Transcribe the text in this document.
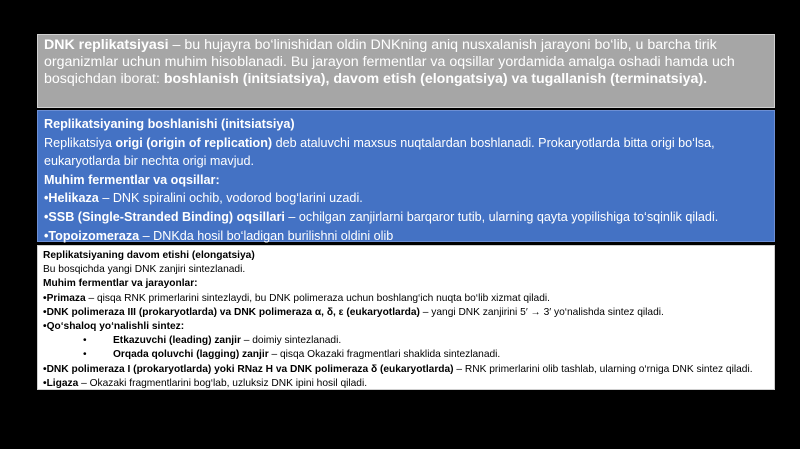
DNK replikatsiyasi – bu hujayra bo‘linishidan oldin DNKning aniq nusxalanish jarayoni bo‘lib, u barcha tirik organizmlar uchun muhim hisoblanadi. Bu jarayon fermentlar va oqsillar yordamida amalga oshadi hamda uch bosqichdan iborat: boshlanish (initsiatsiya), davom etish (elongatsiya) va tugallanish (terminatsiya).
Replikatsiyaning boshlanishi (initsiatsiya)
Replikatsiya origi (origin of replication) deb ataluvchi maxsus nuqtalardan boshlanadi. Prokaryotlarda bitta origi bo‘lsa,
eukaryotlarda bir nechta origi mavjud.
Muhim fermentlar va oqsillar:
•Helikaza – DNK spiralini ochib, vodorod bog‘larini uzadi.
•SSB (Single-Stranded Binding) oqsillari – ochilgan zanjirlarni barqaror tutib, ularning qayta yopilishiga to‘sqinlik qiladi.
•Topoizomeraza – DNKda hosil bo‘ladigan burilishni oldini olib
Replikatsiyaning davom etishi (elongatsiya)
Bu bosqichda yangi DNK zanjiri sintezlanadi.
Muhim fermentlar va jarayonlar:
•Primaza – qisqa RNK primerlarini sintezlaydi, bu DNK polimeraza uchun boshlang‘ich nuqta bo‘lib xizmat qiladi.
•DNK polimeraza III (prokaryotlarda) va DNK polimeraza α, δ, ε (eukaryotlarda) – yangi DNK zanjirini 5′ → 3′ yo‘nalishda sintez qiladi.
•Qo‘shaloq yo‘nalishli sintez:
•	Etkazuvchi (leading) zanjir – doimiy sintezlanadi.
•	Orqada qoluvchi (lagging) zanjir – qisqa Okazaki fragmentlari shaklida sintezlanadi.
•DNK polimeraza I (prokaryotlarda) yoki RNaz H va DNK polimeraza δ (eukaryotlarda) – RNK primerlarini olib tashlab, ularning o‘rniga DNK sintez qiladi.
•Ligaza – Okazaki fragmentlarini bog‘lab, uzluksiz DNK ipini hosil qiladi.
